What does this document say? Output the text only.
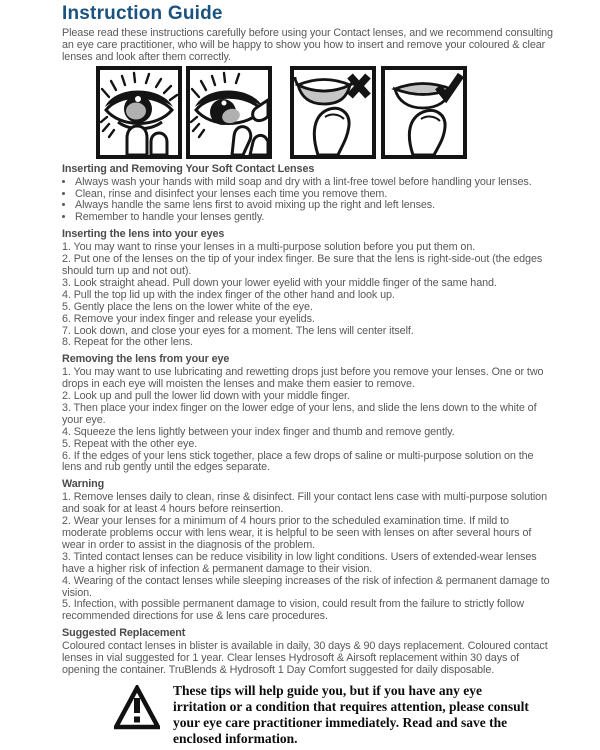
Instruction Guide

Please read these instructions carefully before using your Contact lenses, and we recommend consulting an eye care practitioner, who will be happy to show you how to insert and remove your coloured & clear lenses and look after them correctly.

Inserting and Removing Your Soft Contact Lenses
• Always wash your hands with mild soap and dry with a lint-free towel before handling your lenses.
• Clean, rinse and disinfect your lenses each time you remove them.
• Always handle the same lens first to avoid mixing up the right and left lenses.
• Remember to handle your lenses gently.
Inserting the lens into your eyes
1. You may want to rinse your lenses in a multi-purpose solution before you put them on.
2. Put one of the lenses on the tip of your index finger. Be sure that the lens is right-side-out (the edges should turn up and not out).
3. Look straight ahead. Pull down your lower eyelid with your middle finger of the same hand.
4. Pull the top lid up with the index finger of the other hand and look up.
5. Gently place the lens on the lower white of the eye.
6. Remove your index finger and release your eyelids.
7. Look down, and close your eyes for a moment. The lens will center itself.
8. Repeat for the other lens.
Removing the lens from your eye
1. You may want to use lubricating and rewetting drops just before you remove your lenses. One or two drops in each eye will moisten the lenses and make them easier to remove.
2. Look up and pull the lower lid down with your middle finger.
3. Then place your index finger on the lower edge of your lens, and slide the lens down to the white of your eye.
4. Squeeze the lens lightly between your index finger and thumb and remove gently.
5. Repeat with the other eye.
6. If the edges of your lens stick together, place a few drops of saline or multi-purpose solution on the lens and rub gently until the edges separate.
Warning
1. Remove lenses daily to clean, rinse & disinfect. Fill your contact lens case with multi-purpose solution and soak for at least 4 hours before reinsertion.
2. Wear your lenses for a minimum of 4 hours prior to the scheduled examination time. If mild to moderate problems occur with lens wear, it is helpful to be seen with lenses on after several hours of wear in order to assist in the diagnosis of the problem.
3. Tinted contact lenses can be reduce visibility in low light conditions. Users of extended-wear lenses have a higher risk of infection & permanent damage to their vision.
4. Wearing of the contact lenses while sleeping increases of the risk of infection & permanent damage to vision.
5. Infection, with possible permanent damage to vision, could result from the failure to strictly follow recommended directions for use & lens care procedures.
Suggested Replacement

Coloured contact lenses in blister is available in daily, 30 days & 90 days replacement. Coloured contact lenses in vial suggested for 1 year. Clear lenses Hydrosoft & Airsoft replacement within 30 days of opening the container. TruBlends & Hydrosoft 1 Day Comfort suggested for daily disposable.

These tips will help guide you, but if you have any eye irritation or a condition that requires attention, please consult your eye care practitioner immediately. Read and save the enclosed information.
